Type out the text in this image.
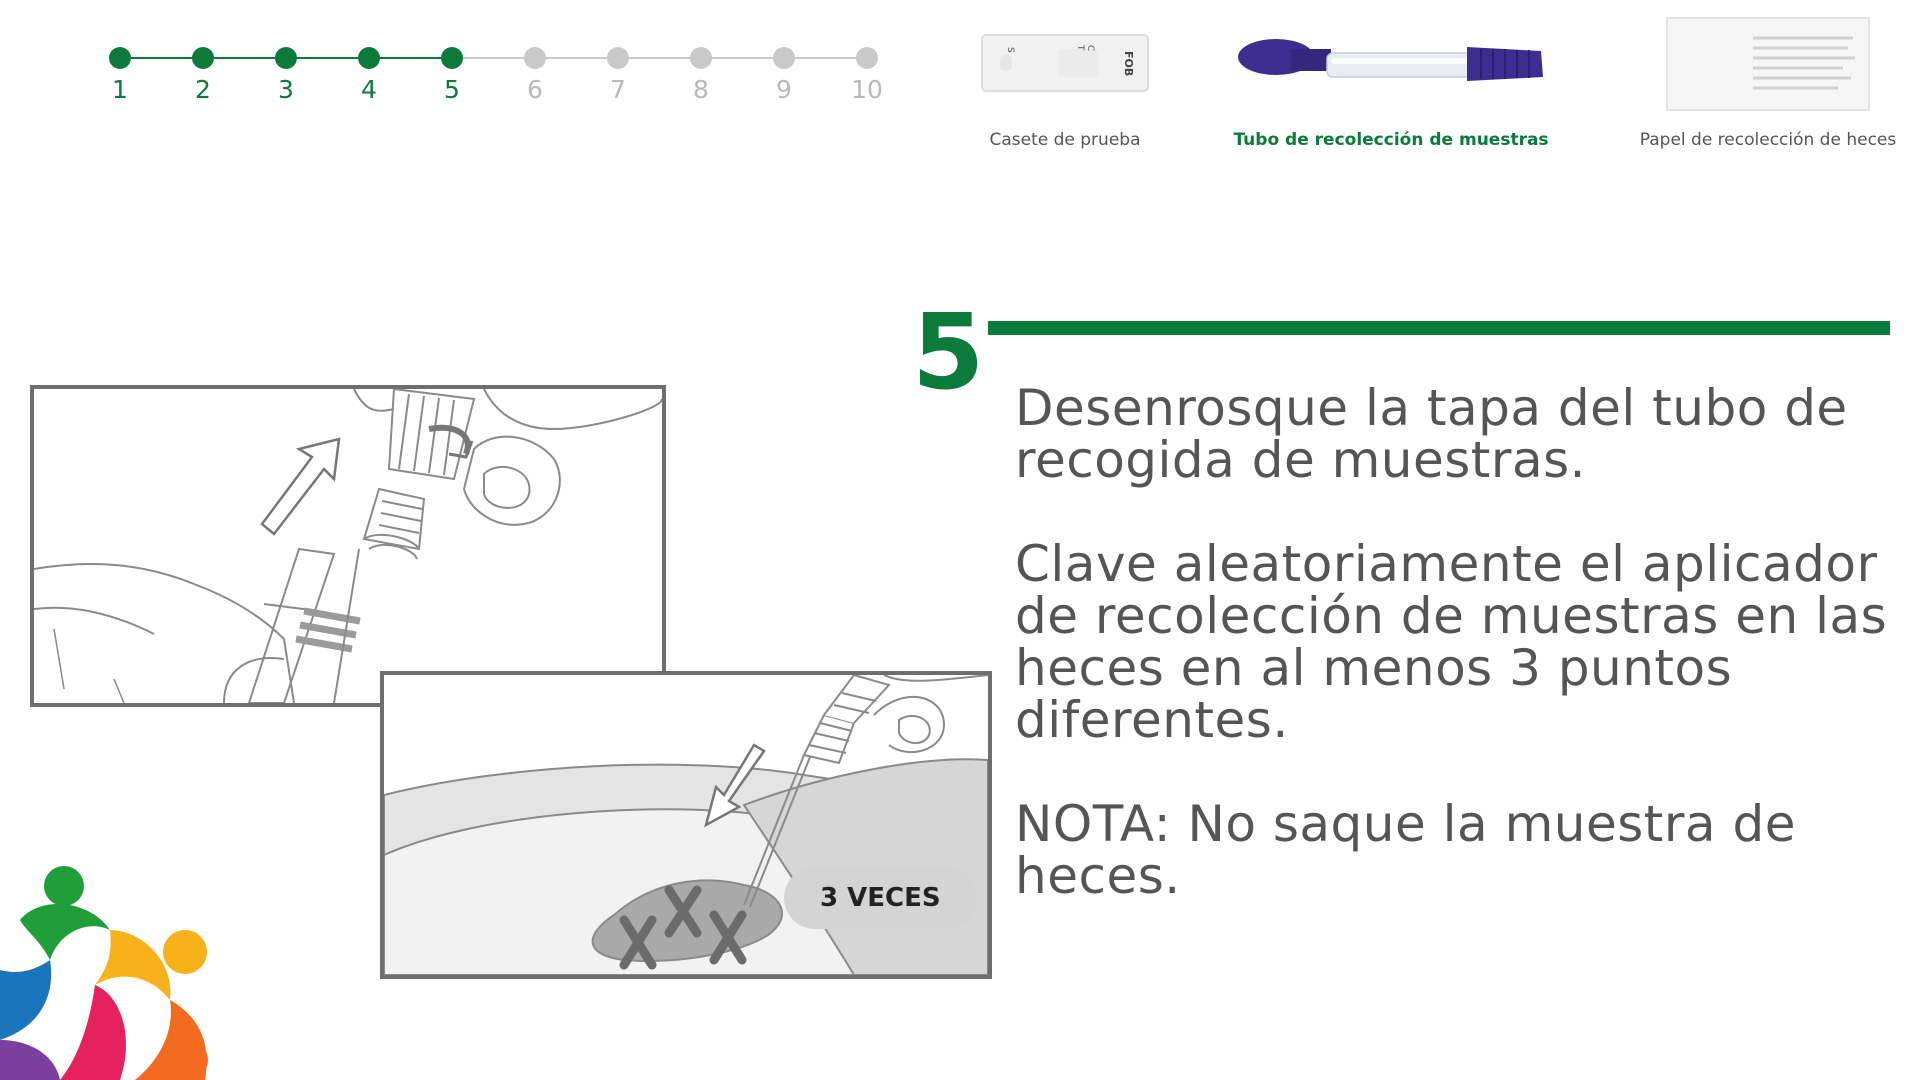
1	2	3	4	5	6	7	8	9 10
S	T C
FOB
Casete de prueba	Tubo de recolección de muestras	Papel de recolección de heces
5 Desenrosque la tapa del tubo de recogida de muestras.

Clave aleatoriamente el aplicador de recolección de muestras en las heces en al menos 3 puntos diferentes.

NOTA: No saque la muestra de heces.

3 VECES
